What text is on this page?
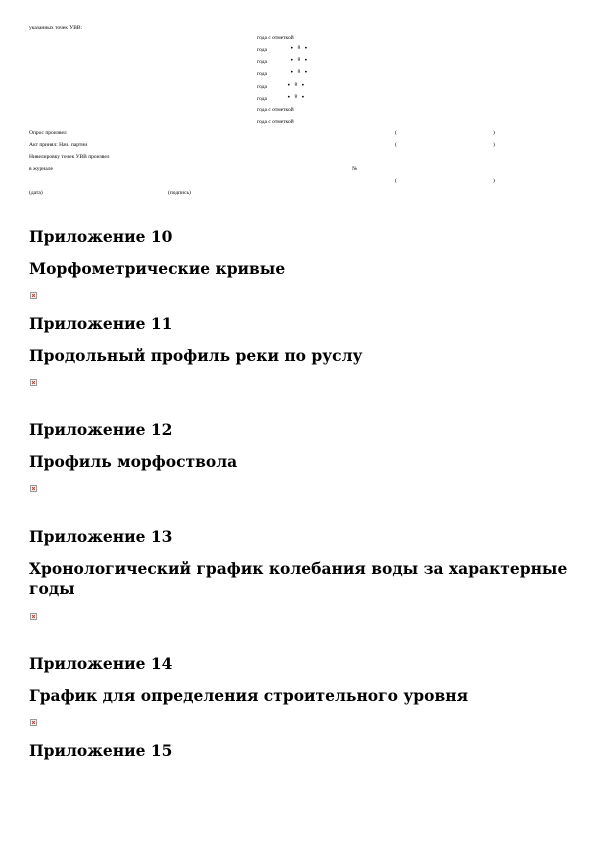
указанных точек УВВ:
годa с отметкой
года	• º •
года	• º •
года	• º •
года	• º •
года	• º •
годa с отметкой
годa с отметкой
Опрос произвел	(	)
Акт принял: Нач. партии	(	)
Нивелировку точек УВВ произвел
в журнале	№
(	)
(дата)	(подпись)
Приложение 10
Морфометрические кривые
Приложение 11
Продольный профиль реки по руслу
Приложение 12
Профиль морфоствола
Приложение 13
Хронологический график колебания воды за характерные годы
Приложение 14
График для определения строительного уровня
Приложение 15
